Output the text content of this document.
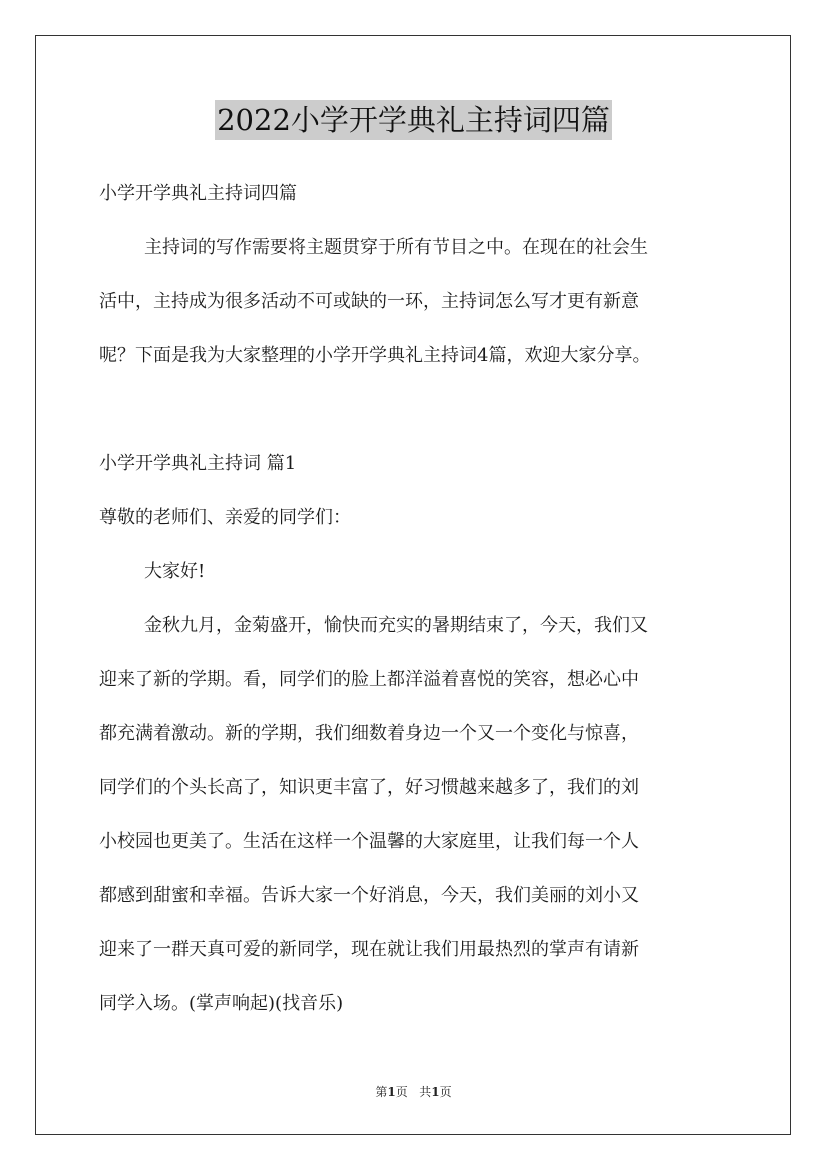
2022小学开学典礼主持词四篇
小学开学典礼主持词四篇
主持词的写作需要将主题贯穿于所有节目之中。在现在的社会生
活中，主持成为很多活动不可或缺的一环，主持词怎么写才更有新意
呢？下面是我为大家整理的小学开学典礼主持词4篇，欢迎大家分享。
小学开学典礼主持词 篇1
尊敬的老师们、亲爱的同学们：
大家好!
金秋九月，金菊盛开，愉快而充实的暑期结束了，今天，我们又
迎来了新的学期。看，同学们的脸上都洋溢着喜悦的笑容，想必心中
都充满着激动。新的学期，我们细数着身边一个又一个变化与惊喜，
同学们的个头长高了，知识更丰富了，好习惯越来越多了，我们的刘
小校园也更美了。生活在这样一个温馨的大家庭里，让我们每一个人
都感到甜蜜和幸福。告诉大家一个好消息，今天，我们美丽的刘小又
迎来了一群天真可爱的新同学，现在就让我们用最热烈的掌声有请新
同学入场。(掌声响起)(找音乐)
第1页 共1页
